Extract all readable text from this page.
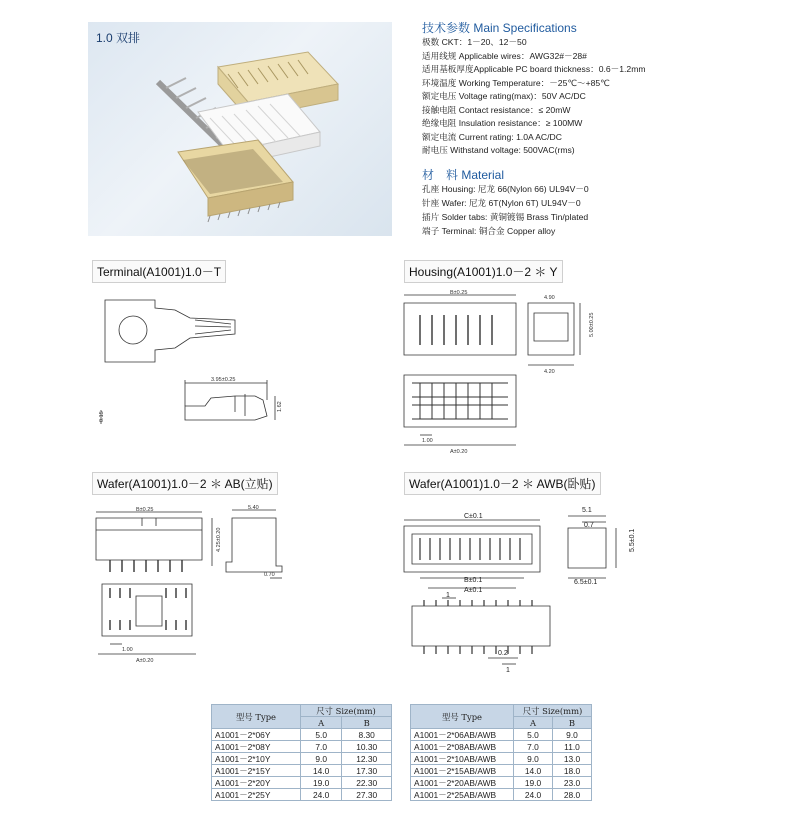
1.0 双排
技术参数 Main Specifications
极数 CKT：1－20、12－50
适用线规 Applicable wires：AWG32#－28#
适用基板厚度Applicable PC board thickness：0.6－1.2mm
环境温度 Working Temperature：－25℃～+85℃
额定电压 Voltage rating(max)：50V AC/DC
接触电阻 Contact resistance：≤ 20mW
绝缘电阻 Insulation resistance：≥ 100MW
额定电流 Current rating: 1.0A AC/DC
耐电压 Withstand voltage: 500VAC(rms)
材　料 Material
孔座 Housing: 尼龙 66(Nylon 66) UL94V－0
针座 Wafer: 尼龙 6T(Nylon 6T) UL94V－0
插片 Solder tabs: 黄铜镀锡 Brass Tin/plated
端子 Terminal: 铜合金 Copper alloy
Terminal(A1001)1.0－T	Housing(A1001)1.0－2 ＊ Y
Wafer(A1001)1.0－2 ＊ AB(立贴)	Wafer(A1001)1.0－2 ＊ AWB(卧贴)
3.95±0.25
0.15
1.62
B±0.25
4.90
5.00±0.25
4.20
1.00
A±0.20
B±0.25	5.40
4.25±0.20
0.70
1.00
A±0.20
C±0.1
B±0.1
A±0.1
5.1
0.7
5.5±0.1
6.5±0.1
1
0.2
1
型号 Type	尺寸 Size(mm)	
	A	B
A1001－2*06Y	5.0	8.30
A1001－2*08Y	7.0	10.30
A1001－2*10Y	9.0	12.30
A1001－2*15Y	14.0	17.30
A1001－2*20Y	19.0	22.30
A1001－2*25Y	24.0	27.30
型号 Type	尺寸 Size(mm)	
	A	B
A1001－2*06AB/AWB	5.0	9.0
A1001－2*08AB/AWB	7.0	11.0
A1001－2*10AB/AWB	9.0	13.0
A1001－2*15AB/AWB	14.0	18.0
A1001－2*20AB/AWB	19.0	23.0
A1001－2*25AB/AWB	24.0	28.0
